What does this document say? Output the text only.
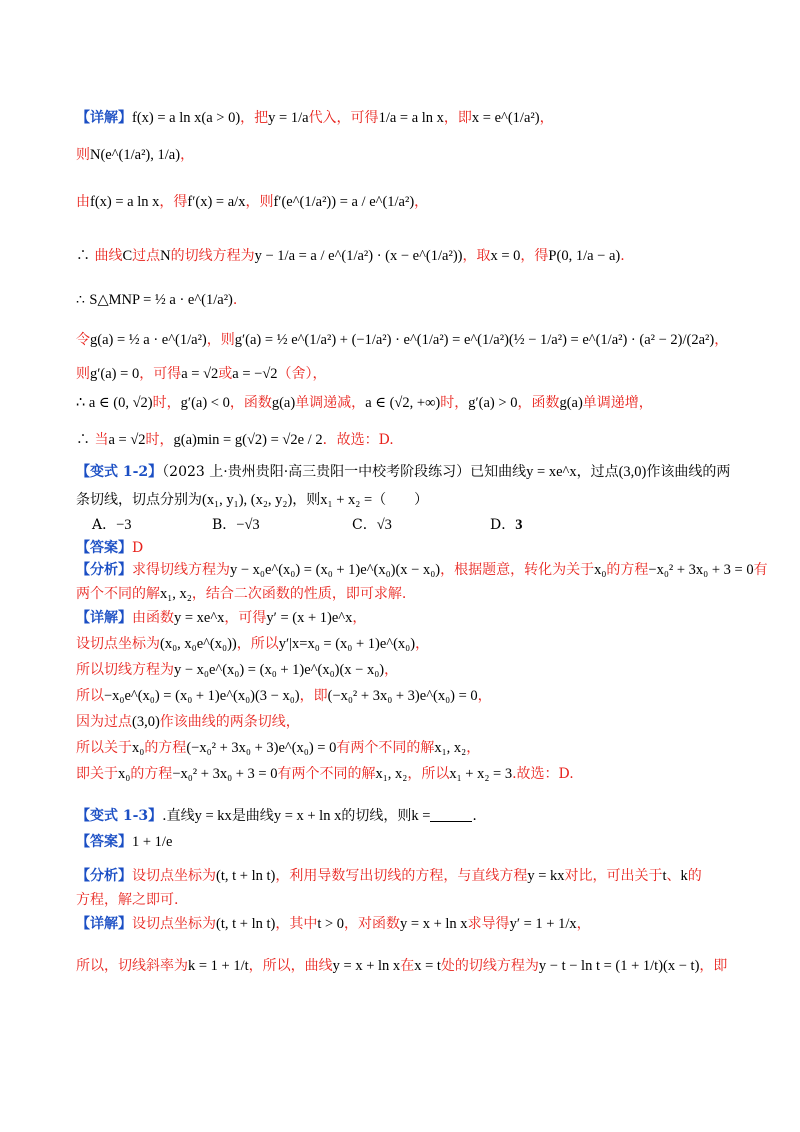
【详解】f(x) = a ln x(a > 0)，把y = 1/a代入，可得1/a = a ln x，即x = e^(1/a²)，
则N(e^(1/a²), 1/a)，
由f(x) = a ln x，得f′(x) = a/x，则f′(e^(1/a²)) = a / e^(1/a²)，
∴ 曲线C过点N的切线方程为y − 1/a = a / e^(1/a²) · (x − e^(1/a²))，取x = 0，得P(0, 1/a − a).
∴ S△MNP = ½ a · e^(1/a²).
令g(a) = ½ a · e^(1/a²)，则g′(a) = ½ e^(1/a²) + (−1/a²) · e^(1/a²) = e^(1/a²)(½ − 1/a²) = e^(1/a²) · (a² − 2)/(2a²)，
则g′(a) = 0，可得a = √2或a = −√2（舍），
∴ a ∈ (0, √2)时，g′(a) < 0，函数g(a)单调递减，a ∈ (√2, +∞)时，g′(a) > 0，函数g(a)单调递增，
∴ 当a = √2时，g(a)min = g(√2) = √2e / 2．故选：D.
【变式 1-2】（2023 上·贵州贵阳·高三贵阳一中校考阶段练习）已知曲线y = xe^x，过点(3,0)作该曲线的两
条切线，切点分别为(x₁, y₁), (x₂, y₂)，则x₁ + x₂ =（　　）
A．−3	B．−√3	C．√3	D．3
【答案】D
【分析】求得切线方程为y − x₀e^(x₀) = (x₀ + 1)e^(x₀)(x − x₀)，根据题意，转化为关于x₀的方程−x₀² + 3x₀ + 3 = 0有
两个不同的解x₁, x₂，结合二次函数的性质，即可求解.
【详解】由函数y = xe^x，可得y′ = (x + 1)e^x，
设切点坐标为(x₀, x₀e^(x₀))，所以y′|x=x₀ = (x₀ + 1)e^(x₀)，
所以切线方程为y − x₀e^(x₀) = (x₀ + 1)e^(x₀)(x − x₀)，
所以−x₀e^(x₀) = (x₀ + 1)e^(x₀)(3 − x₀)，即(−x₀² + 3x₀ + 3)e^(x₀) = 0，
因为过点(3,0)作该曲线的两条切线，
所以关于x₀的方程(−x₀² + 3x₀ + 3)e^(x₀) = 0有两个不同的解x₁, x₂，
即关于x₀的方程−x₀² + 3x₀ + 3 = 0有两个不同的解x₁, x₂，所以x₁ + x₂ = 3.故选：D.
【变式 1-3】.直线y = kx是曲线y = x + ln x的切线，则k =	.
【答案】1 + 1/e
【分析】设切点坐标为(t, t + ln t)，利用导数写出切线的方程，与直线方程y = kx对比，可出关于t、k的
方程，解之即可.
【详解】设切点坐标为(t, t + ln t)，其中t > 0，对函数y = x + ln x求导得y′ = 1 + 1/x，
所以，切线斜率为k = 1 + 1/t，所以，曲线y = x + ln x在x = t处的切线方程为y − t − ln t = (1 + 1/t)(x − t)，即
